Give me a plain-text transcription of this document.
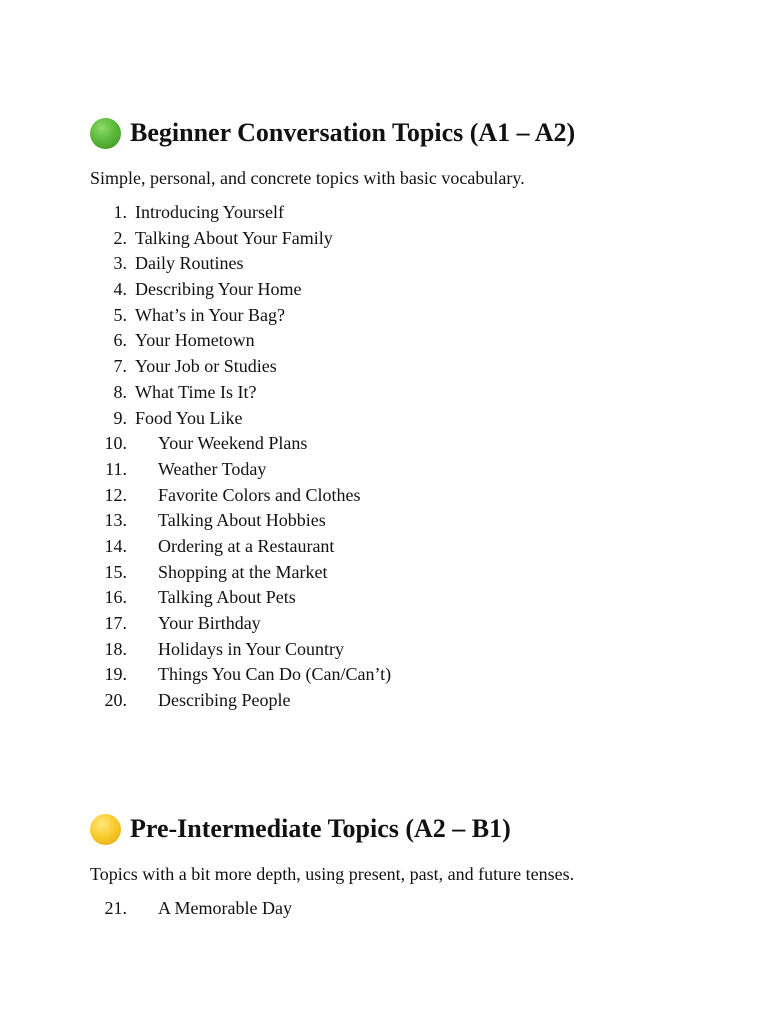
Beginner Conversation Topics (A1 – A2)

Simple, personal, and concrete topics with basic vocabulary.

1. Introducing Yourself
2. Talking About Your Family
3. Daily Routines
4. Describing Your Home
5. What’s in Your Bag?
6. Your Hometown
7. Your Job or Studies
8. What Time Is It?
9. Food You Like
10. Your Weekend Plans
11. Weather Today
12. Favorite Colors and Clothes
13. Talking About Hobbies
14. Ordering at a Restaurant
15. Shopping at the Market
16. Talking About Pets
17. Your Birthday
18. Holidays in Your Country
19. Things You Can Do (Can/Can’t)
20. Describing People
Pre-Intermediate Topics (A2 – B1)

Topics with a bit more depth, using present, past, and future tenses.

21. A Memorable Day
